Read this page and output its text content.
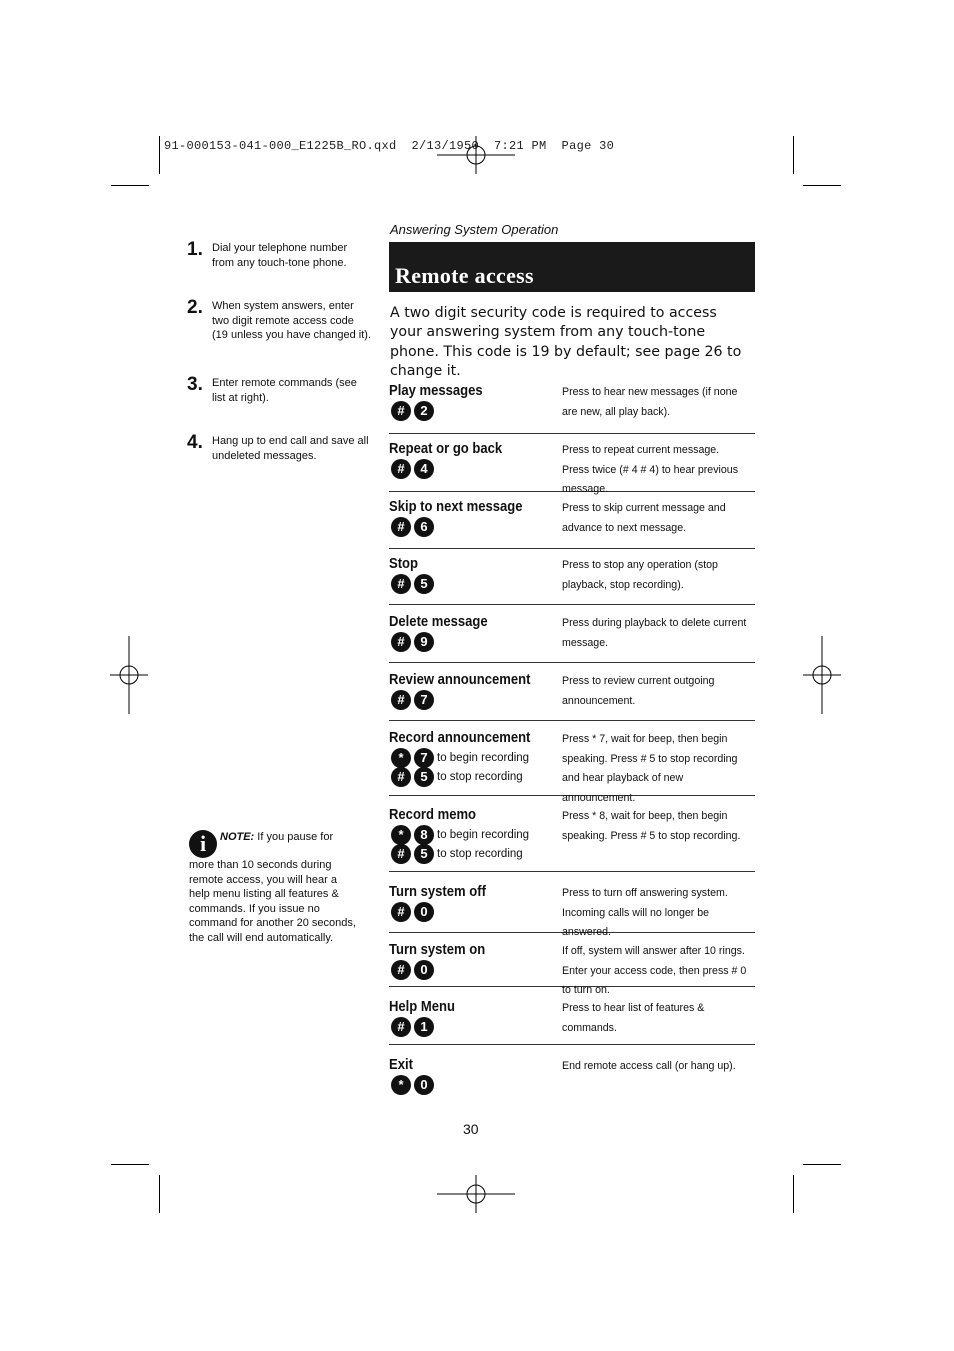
91-000153-041-000_E1225B_RO.qxd  2/13/1950  7:21 PM  Page 30
Answering System Operation
Remote access
A two digit security code is required to access your answering system from any touch-tone phone. This code is 19 by default; see page 26 to change it.
1. Dial your telephone number from any touch-tone phone.
2. When system answers, enter two digit remote access code (19 unless you have changed it).
3. Enter remote commands (see list at right).
4. Hang up to end call and save all undeleted messages.
i NOTE: If you pause for more than 10 seconds during remote access, you will hear a help menu listing all features & commands. If you issue no command for another 20 seconds, the call will end automatically.
Play messages
#	2
Press to hear new messages (if none are new, all play back).
Repeat or go back
#	4
Press to repeat current message. Press twice (# 4 # 4) to hear previous message.
Skip to next message
#	6
Press to skip current message and advance to next message.
Stop
#	5
Press to stop any operation (stop playback, stop recording).
Delete message
#	9
Press during playback to delete current message.
Review announcement
#	7
Press to review current outgoing announcement.
Record announcement
*	7 to begin recording
#	5 to stop recording
Press * 7, wait for beep, then begin speaking. Press # 5 to stop recording and hear playback of new announcement.
Record memo
*	8 to begin recording
#	5 to stop recording
Press * 8, wait for beep, then begin speaking. Press # 5 to stop recording.
Turn system off
#	0
Press to turn off answering system. Incoming calls will no longer be answered.
Turn system on
#	0
If off, system will answer after 10 rings. Enter your access code, then press # 0 to turn on.
Help Menu
#	1
Press to hear list of features & commands.
Exit
*	0
End remote access call (or hang up).
30
